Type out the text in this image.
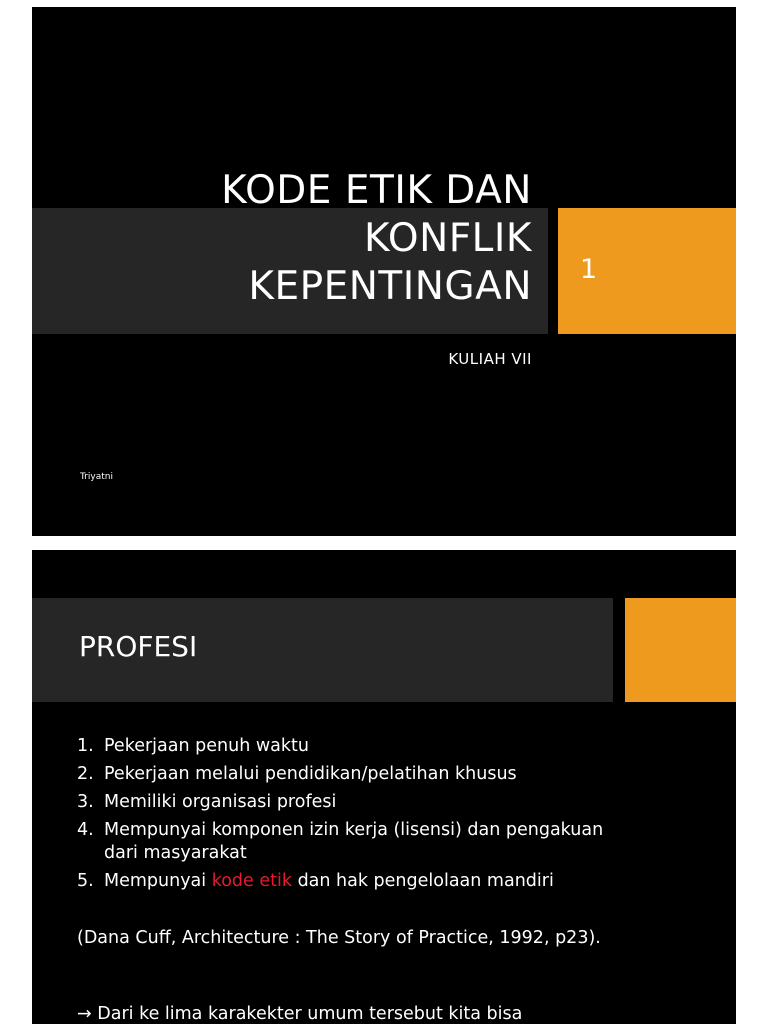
KODE ETIK DAN
KONFLIK
KEPENTINGAN 1
KULIAH VII
Triyatni
PROFESI
1. Pekerjaan penuh waktu
2. Pekerjaan melalui pendidikan/pelatihan khusus
3. Memiliki organisasi profesi
4. Mempunyai komponen izin kerja (lisensi) dan pengakuan dari masyarakat
5. Mempunyai kode etik dan hak pengelolaan mandiri
(Dana Cuff, Architecture : The Story of Practice, 1992, p23).
→ Dari ke lima karakekter umum tersebut kita bisa
